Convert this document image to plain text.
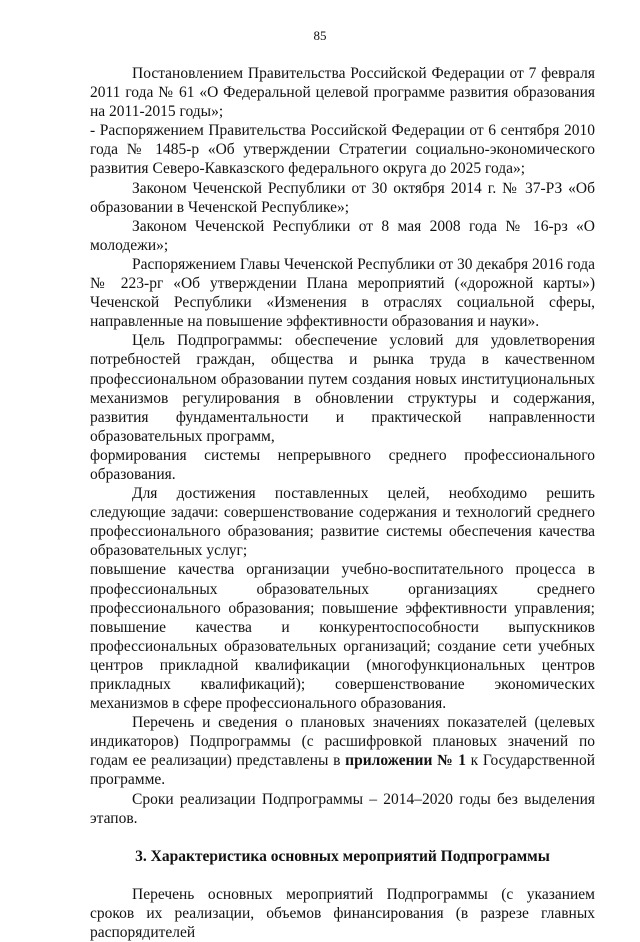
85

Постановлением Правительства Российской Федерации от 7 февраля 2011 года № 61 «О Федеральной целевой программе развития образования на 2011-2015 годы»;

- Распоряжением Правительства Российской Федерации от 6 сентября 2010 года № 1485-р «Об утверждении Стратегии социально-экономического развития Северо-Кавказского федерального округа до 2025 года»;

Законом Чеченской Республики от 30 октября 2014 г. № 37-РЗ «Об образовании в Чеченской Республике»;

Законом Чеченской Республики от 8 мая 2008 года № 16-рз «О молодежи»;

Распоряжением Главы Чеченской Республики от 30 декабря 2016 года № 223-рг «Об утверждении Плана мероприятий («дорожной карты») Чеченской Республики «Изменения в отраслях социальной сферы, направленные на повышение эффективности образования и науки».

Цель Подпрограммы: обеспечение условий для удовлетворения потребностей граждан, общества и рынка труда в качественном профессиональном образовании путем создания новых институциональных механизмов регулирования в обновлении структуры и содержания, развития фундаментальности и практической направленности образовательных программ,

формирования системы непрерывного среднего профессионального образования.

Для достижения поставленных целей, необходимо решить следующие задачи: совершенствование содержания и технологий среднего профессионального образования; развитие системы обеспечения качества образовательных услуг;

повышение качества организации учебно-воспитательного процесса в профессиональных образовательных организациях среднего профессионального образования; повышение эффективности управления; повышение качества и конкурентоспособности выпускников профессиональных образовательных организаций; создание сети учебных центров прикладной квалификации (многофункциональных центров прикладных квалификаций); совершенствование экономических механизмов в сфере профессионального образования.

Перечень и сведения о плановых значениях показателей (целевых индикаторов) Подпрограммы (с расшифровкой плановых значений по годам ее реализации) представлены в приложении № 1 к Государственной программе.

Сроки реализации Подпрограммы – 2014–2020 годы без выделения этапов.

3. Характеристика основных мероприятий Подпрограммы

Перечень основных мероприятий Подпрограммы (с указанием сроков их реализации, объемов финансирования (в разрезе главных распорядителей
